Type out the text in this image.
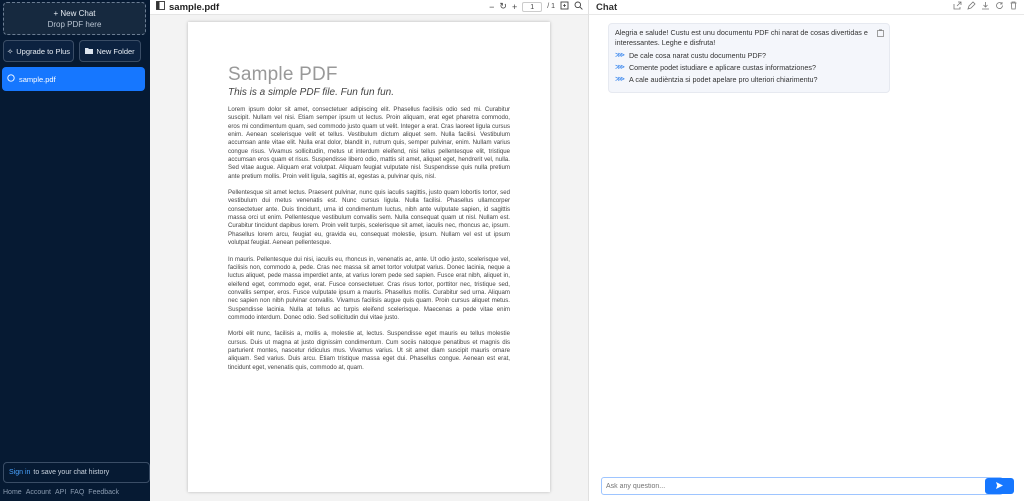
+ New Chat
Drop PDF here
✧ Upgrade to Plus	New Folder
sample.pdf
Sign in to save your chat history
Home Account API FAQ Feedback
sample.pdf	− ↻ +	1	/ 1
Sample PDF
This is a simple PDF file. Fun fun fun.

Lorem ipsum dolor sit amet, consectetuer adipiscing elit. Phasellus facilisis odio sed mi. Curabitur suscipit. Nullam vel nisi. Etiam semper ipsum ut lectus. Proin aliquam, erat eget pharetra commodo, eros mi condimentum quam, sed commodo justo quam ut velit. Integer a erat. Cras laoreet ligula cursus enim. Aenean scelerisque velit et tellus. Vestibulum dictum aliquet sem. Nulla facilisi. Vestibulum accumsan ante vitae elit. Nulla erat dolor, blandit in, rutrum quis, semper pulvinar, enim. Nullam varius congue risus. Vivamus sollicitudin, metus ut interdum eleifend, nisi tellus pellentesque elit, tristique accumsan eros quam et risus. Suspendisse libero odio, mattis sit amet, aliquet eget, hendrerit vel, nulla. Sed vitae augue. Aliquam erat volutpat. Aliquam feugiat vulputate nisl. Suspendisse quis nulla pretium ante pretium mollis. Proin velit ligula, sagittis at, egestas a, pulvinar quis, nisl.

Pellentesque sit amet lectus. Praesent pulvinar, nunc quis iaculis sagittis, justo quam lobortis tortor, sed vestibulum dui metus venenatis est. Nunc cursus ligula. Nulla facilisi. Phasellus ullamcorper consectetuer ante. Duis tincidunt, urna id condimentum luctus, nibh ante vulputate sapien, id sagittis massa orci ut enim. Pellentesque vestibulum convallis sem. Nulla consequat quam ut nisl. Nullam est. Curabitur tincidunt dapibus lorem. Proin velit turpis, scelerisque sit amet, iaculis nec, rhoncus ac, ipsum. Phasellus lorem arcu, feugiat eu, gravida eu, consequat molestie, ipsum. Nullam vel est ut ipsum volutpat feugiat. Aenean pellentesque.

In mauris. Pellentesque dui nisi, iaculis eu, rhoncus in, venenatis ac, ante. Ut odio justo, scelerisque vel, facilisis non, commodo a, pede. Cras nec massa sit amet tortor volutpat varius. Donec lacinia, neque a luctus aliquet, pede massa imperdiet ante, at varius lorem pede sed sapien. Fusce erat nibh, aliquet in, eleifend eget, commodo eget, erat. Fusce consectetuer. Cras risus tortor, porttitor nec, tristique sed, convallis semper, eros. Fusce vulputate ipsum a mauris. Phasellus mollis. Curabitur sed urna. Aliquam nec sapien non nibh pulvinar convallis. Vivamus facilisis augue quis quam. Proin cursus aliquet metus. Suspendisse lacinia. Nulla at tellus ac turpis eleifend scelerisque. Maecenas a pede vitae enim commodo interdum. Donec odio. Sed sollicitudin dui vitae justo.

Morbi elit nunc, facilisis a, mollis a, molestie at, lectus. Suspendisse eget mauris eu tellus molestie cursus. Duis ut magna at justo dignissim condimentum. Cum sociis natoque penatibus et magnis dis parturient montes, nascetur ridiculus mus. Vivamus varius. Ut sit amet diam suscipit mauris ornare aliquam. Sed varius. Duis arcu. Etiam tristique massa eget dui. Phasellus congue. Aenean est erat, tincidunt eget, venenatis quis, commodo at, quam.

Chat
Alegria e salude! Custu est unu documentu PDF chi narat de cosas divertidas e interessantes. Leghe e disfruta!
⋙ De cale cosa narat custu documentu PDF?
⋙ Comente podet istudiare e aplicare custas informatziones?
⋙ A cale audièntzia si podet apelare pro ulteriori chiarimentu?
Ask any question...
